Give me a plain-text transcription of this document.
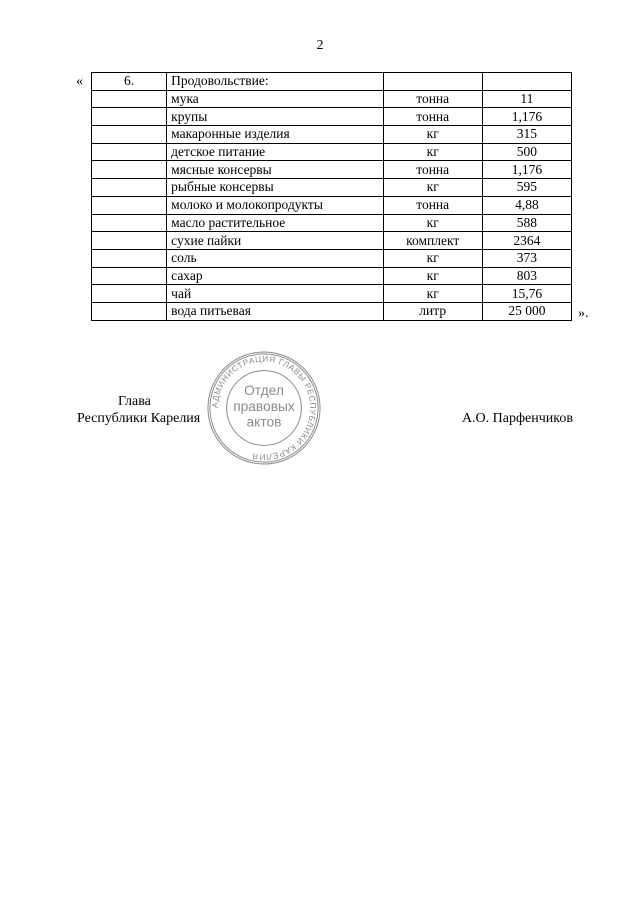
2
«	6.	Продовольствие:		
	мука	тонна	11
	крупы	тонна	1,176
	макаронные изделия	кг	315
	детское питание	кг	500
	мясные консервы	тонна	1,176
	рыбные консервы	кг	595
	молоко и молокопродукты	тонна	4,88
	масло растительное	кг	588
	сухие пайки	комплект	2364
	соль	кг	373
	сахар	кг	803
	чай	кг	15,76
	вода питьевая	литр	25 000 ».
Глава
Республики Карелия	А.О. Парфенчиков
АДМИНИСТРАЦИЯ ГЛАВЫ РЕСПУБЛИКИ КАРЕЛИЯ
Отдел
правовых
актов
